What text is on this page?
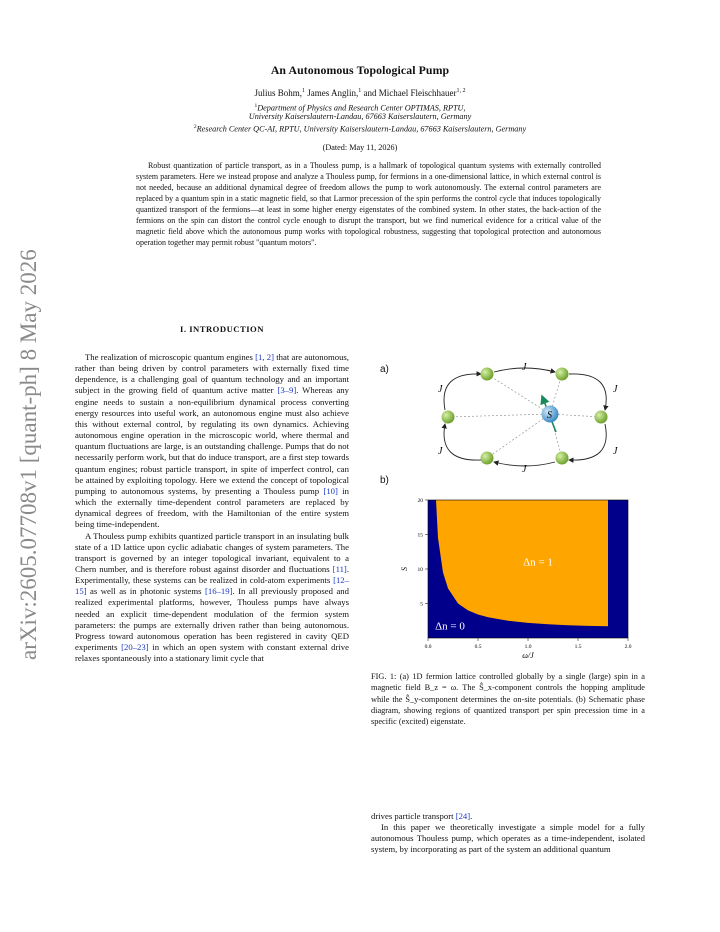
arXiv:2605.07708v1 [quant-ph] 8 May 2026
An Autonomous Topological Pump
Julius Bohm,$^1$ James Anglin,$^1$ and Michael Fleischhauer$^{1, 2}$
$^1$Department of Physics and Research Center OPTIMAS, RPTU,
University Kaiserslautern-Landau, 67663 Kaiserslautern, Germany
$^2$Research Center QC-AI, RPTU, University Kaiserslautern-Landau, 67663 Kaiserslautern, Germany
(Dated: May 11, 2026)

Robust quantization of particle transport, as in a Thouless pump, is a hallmark of topological quantum systems with externally controlled system parameters. Here we instead propose and analyze a Thouless pump, for fermions in a one-dimensional lattice, in which external control is not needed, because an additional dynamical degree of freedom allows the pump to work autonomously. The external control parameters are replaced by a quantum spin in a static magnetic field, so that Larmor precession of the spin performs the control cycle that induces topologically quantized transport of the fermions—at least in some higher energy eigenstates of the combined system. In other states, the back-action of the fermions on the spin can distort the control cycle enough to disrupt the transport, but we find numerical evidence for a critical value of the magnetic field above which the autonomous pump works with topological robustness, suggesting that topological protection and autonomous operation together may permit robust "quantum motors".

I. INTRODUCTION

The realization of microscopic quantum engines [1, 2] that are autonomous, rather than being driven by control parameters with externally fixed time dependence, is a challenging goal of quantum technology and an important subject in the growing field of quantum active matter [3–9]. Whereas any engine needs to sustain a non-equilibrium dynamical process converting energy resources into useful work, an autonomous engine must also achieve this without external control, by regulating its own dynamics. Achieving autonomous engine operation in the microscopic world, where thermal and quantum fluctuations are large, is an outstanding challenge. Pumps that do not necessarily perform work, but that do induce transport, are a first step towards quantum engines; robust particle transport, in spite of imperfect control, can be attained by exploiting topology. Here we extend the concept of topological pumping to autonomous systems, by presenting a Thouless pump [10] in which the externally time-dependent control parameters are replaced by dynamical degrees of freedom, with the Hamiltonian of the entire system being time-independent.

A Thouless pump exhibits quantized particle transport in an insulating bulk state of a 1D lattice upon cyclic adiabatic changes of system parameters. The transport is governed by an integer topological invariant, equivalent to a Chern number, and is therefore robust against disorder and fluctuations [11]. Experimentally, these systems can be realized in cold-atom experiments [12–15] as well as in photonic systems [16–19]. In all previously proposed and realized experimental platforms, however, Thouless pumps have always needed an explicit time-dependent modulation of the fermion system parameters: the pumps are externally driven rather than being autonomous. Progress toward autonomous operation has been registered in cavity QED experiments [20–23] in which an open system with constant external drive relaxes spontaneously into a stationary limit cycle that

a)	J
J
J
J
J
J
S
b)
0.0	0.5	1.0	1.5	2.0
5
10
15
20
ω/J
S
Δn = 1
Δn = 0
FIG. 1: (a) 1D fermion lattice controlled globally by a single (large) spin in a magnetic field B_z = ω. The Ŝ_x-component controls the hopping amplitude while the Ŝ_y-component determines the on-site potentials. (b) Schematic phase diagram, showing regions of quantized transport per spin precession time in a specific (excited) eigenstate.

drives particle transport [24].

In this paper we theoretically investigate a simple model for a fully autonomous Thouless pump, which operates as a time-independent, isolated system, by incorporating as part of the system an additional quantum
